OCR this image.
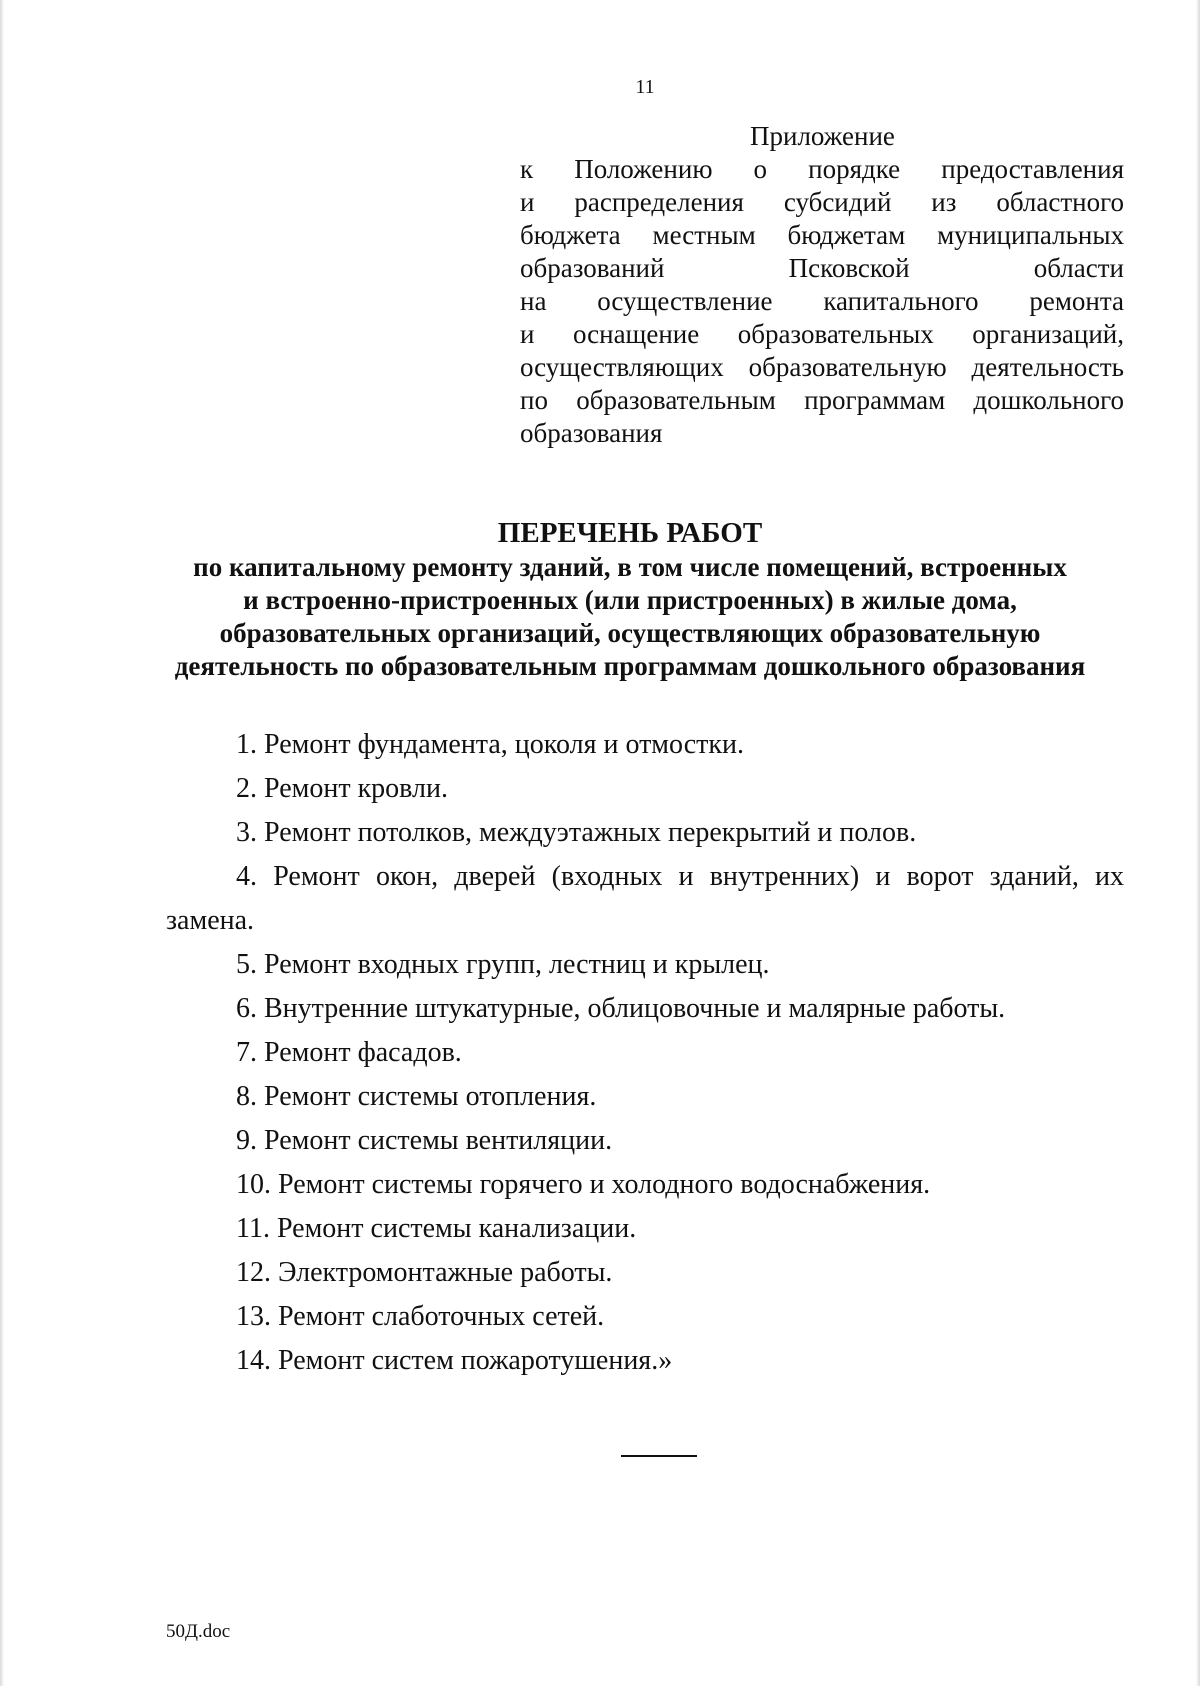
11
Приложение
к Положению о порядке предоставления
и распределения субсидий из областного
бюджета местным бюджетам муниципальных
образований Псковской области
на осуществление капитального ремонта
и оснащение образовательных организаций,
осуществляющих образовательную деятельность
по образовательным программам дошкольного
образования
ПЕРЕЧЕНЬ РАБОТ
по капитальному ремонту зданий, в том числе помещений, встроенных
и встроенно-пристроенных (или пристроенных) в жилые дома,
образовательных организаций, осуществляющих образовательную
деятельность по образовательным программам дошкольного образования
1. Ремонт фундамента, цоколя и отмостки.
2. Ремонт кровли.
3. Ремонт потолков, междуэтажных перекрытий и полов.
4. Ремонт окон, дверей (входных и внутренних) и ворот зданий, их замена.
5. Ремонт входных групп, лестниц и крылец.
6. Внутренние штукатурные, облицовочные и малярные работы.
7. Ремонт фасадов.
8. Ремонт системы отопления.
9. Ремонт системы вентиляции.
10. Ремонт системы горячего и холодного водоснабжения.
11. Ремонт системы канализации.
12. Электромонтажные работы.
13. Ремонт слаботочных сетей.
14. Ремонт систем пожаротушения.»
50Д.doc
